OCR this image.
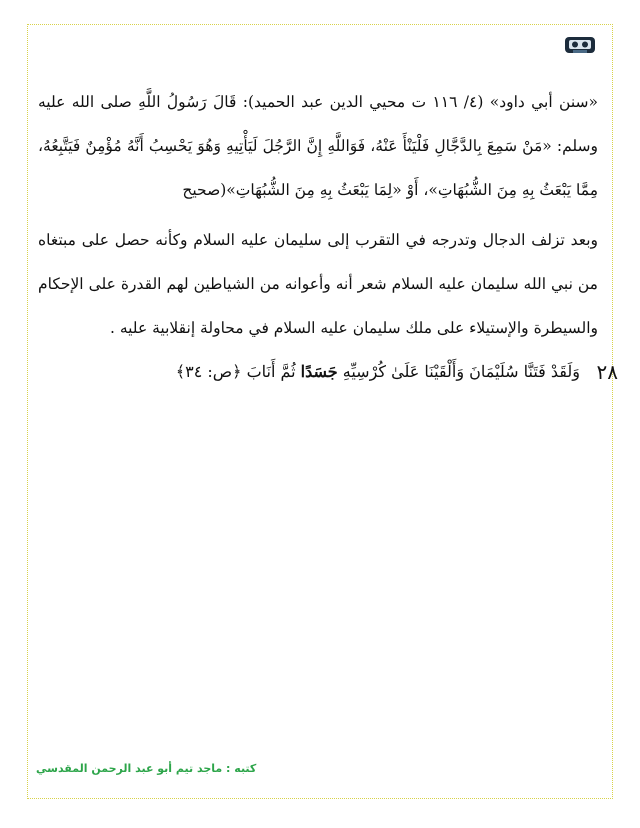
«سنن أبي داود» (٤/ ١١٦ ت محيي الدين عبد الحميد): قَالَ رَسُولُ اللَّهِ صلى الله عليه وسلم: «مَنْ سَمِعَ بِالدَّجَّالِ فَلْيَنْأَ عَنْهُ، فَوَاللَّهِ إِنَّ الرَّجُلَ لَيَأْتِيهِ وَهُوَ يَحْسِبُ أَنَّهُ مُؤْمِنٌ فَيَتَّبِعُهُ، مِمَّا يَبْعَثُ بِهِ مِنَ الشُّبُهَاتِ»، أَوْ «لِمَا يَبْعَثُ بِهِ مِنَ الشُّبُهَاتِ»(صحيح

وبعد تزلف الدجال وتدرجه في التقرب إلى سليمان عليه السلام وكأنه حصل على مبتغاه من نبي الله سليمان عليه السلام شعر أنه وأعوانه من الشياطين لهم القدرة على الإحكام والسيطرة والإستيلاء على ملك سليمان عليه السلام في محاولة إنقلابية عليه .

٢٨
وَلَقَدْ فَتَنَّا سُلَيْمَانَ وَأَلْقَيْنَا عَلَىٰ كُرْسِيِّهِ جَسَدًا ثُمَّ أَنَابَ ﴿ص: ٣٤﴾
كتبه : ماجد تيم أبو عبد الرحمن المقدسي
